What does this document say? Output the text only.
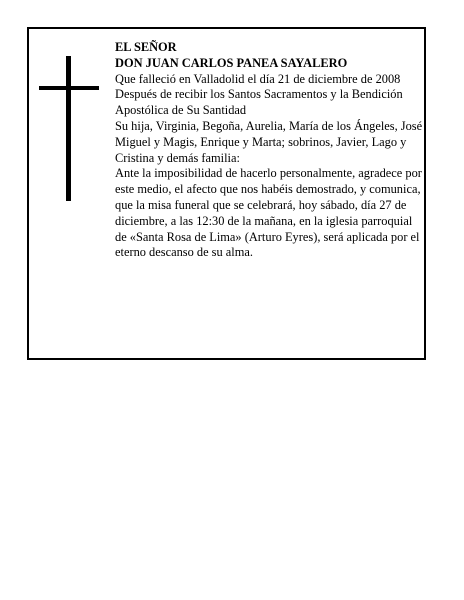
EL SEÑOR

DON JUAN CARLOS PANEA SAYALERO

Que falleció en Valladolid el día 21 de diciembre de 2008

Después de recibir los Santos Sacramentos y la Bendición Apostólica de Su Santidad

Su hija, Virginia, Begoña, Aurelia, María de los Ángeles, José Miguel y Magis, Enrique y Marta; sobrinos, Javier, Lago y Cristina y demás familia:

Ante la imposibilidad de hacerlo personalmente, agradece por este medio, el afecto que nos habéis demostrado, y comunica, que la misa funeral que se celebrará, hoy sábado, día 27 de diciembre, a las 12:30 de la mañana, en la iglesia parroquial de «Santa Rosa de Lima» (Arturo Eyres), será aplicada por el eterno descanso de su alma.
